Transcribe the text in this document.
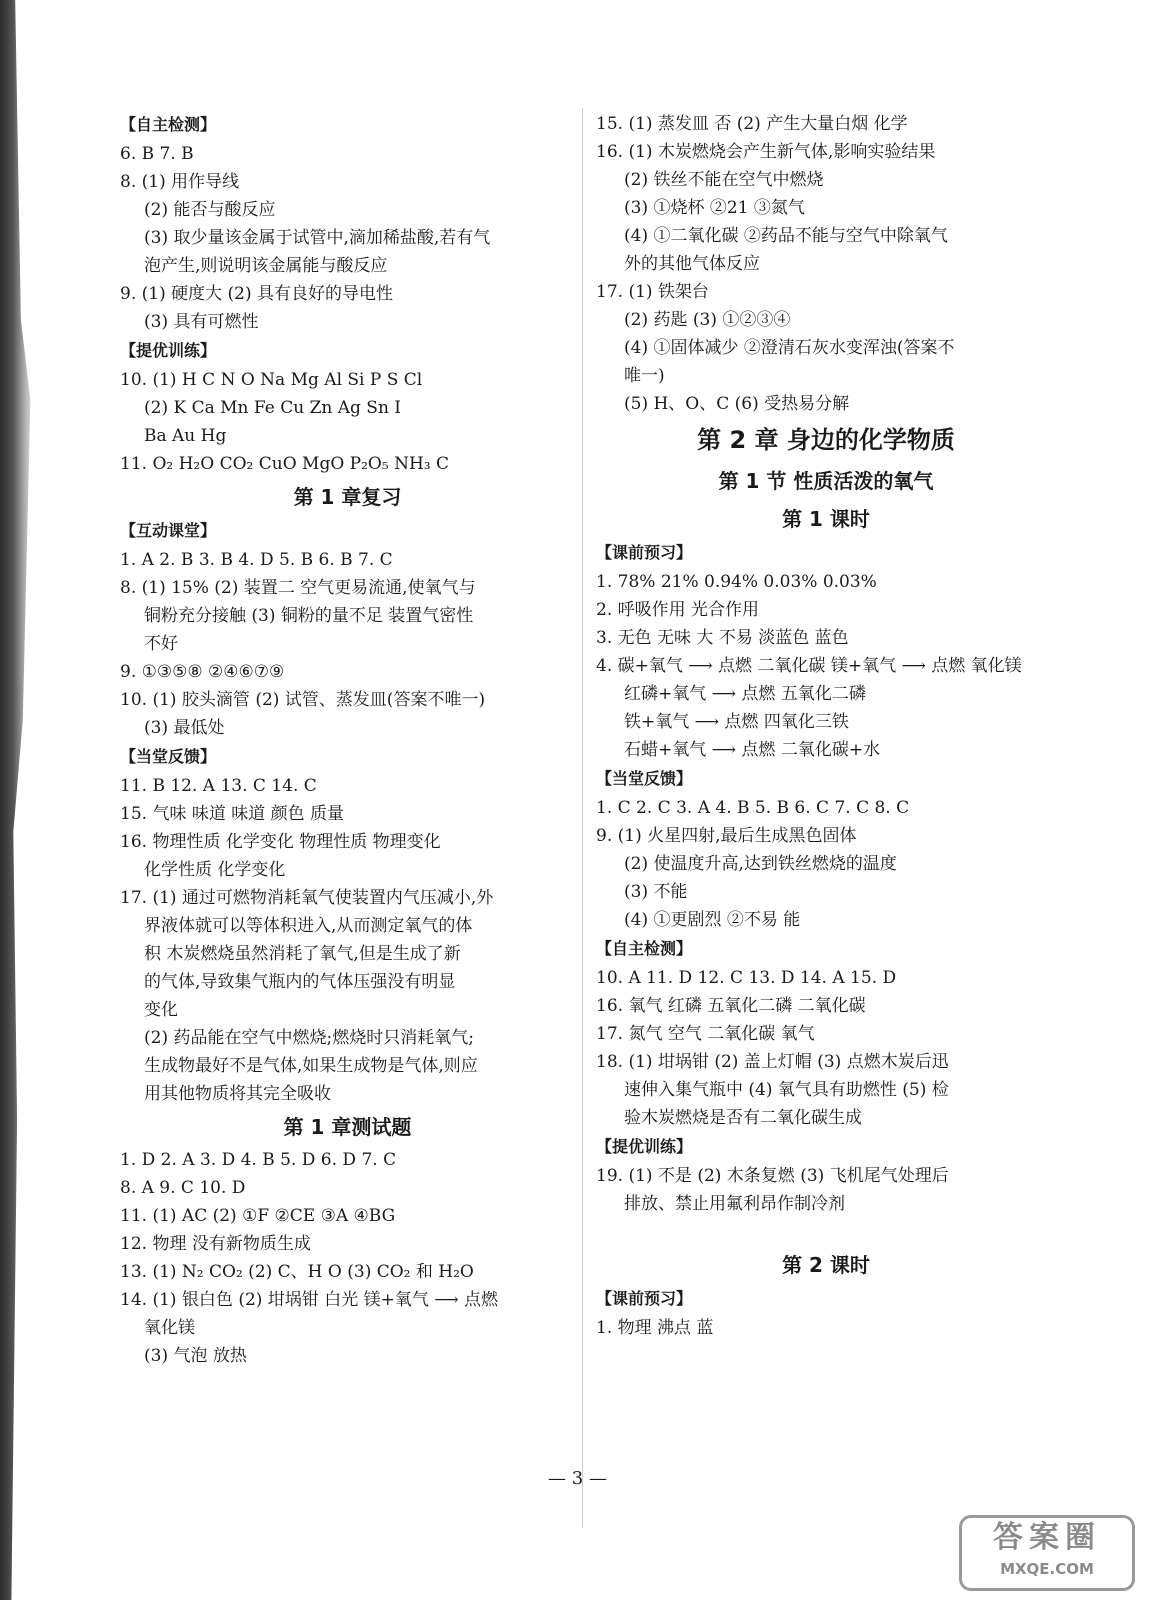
【自主检测】
6. B 7. B
8. (1) 用作导线
(2) 能否与酸反应
(3) 取少量该金属于试管中,滴加稀盐酸,若有气
泡产生,则说明该金属能与酸反应
9. (1) 硬度大 (2) 具有良好的导电性
(3) 具有可燃性
【提优训练】
10. (1) H C N O Na Mg Al Si P S Cl
(2) K Ca Mn Fe Cu Zn Ag Sn I
Ba Au Hg
11. O₂ H₂O CO₂ CuO MgO P₂O₅ NH₃ C
第 1 章复习
【互动课堂】
1. A 2. B 3. B 4. D 5. B 6. B 7. C
8. (1) 15% (2) 装置二 空气更易流通,使氧气与
铜粉充分接触 (3) 铜粉的量不足 装置气密性
不好
9. ①③⑤⑧ ②④⑥⑦⑨
10. (1) 胶头滴管 (2) 试管、蒸发皿(答案不唯一)
(3) 最低处
【当堂反馈】
11. B 12. A 13. C 14. C
15. 气味 味道 味道 颜色 质量
16. 物理性质 化学变化 物理性质 物理变化
化学性质 化学变化
17. (1) 通过可燃物消耗氧气使装置内气压减小,外
界液体就可以等体积进入,从而测定氧气的体
积 木炭燃烧虽然消耗了氧气,但是生成了新
的气体,导致集气瓶内的气体压强没有明显
变化
(2) 药品能在空气中燃烧;燃烧时只消耗氧气;
生成物最好不是气体,如果生成物是气体,则应
用其他物质将其完全吸收
第 1 章测试题
1. D 2. A 3. D 4. B 5. D 6. D 7. C
8. A 9. C 10. D
11. (1) AC (2) ①F ②CE ③A ④BG
12. 物理 没有新物质生成
13. (1) N₂ CO₂ (2) C、H O (3) CO₂ 和 H₂O
14. (1) 银白色 (2) 坩埚钳 白光 镁+氧气 ⟶ 点燃
氧化镁
(3) 气泡 放热
15. (1) 蒸发皿 否 (2) 产生大量白烟 化学
16. (1) 木炭燃烧会产生新气体,影响实验结果
(2) 铁丝不能在空气中燃烧
(3) ①烧杯 ②21 ③氮气
(4) ①二氧化碳 ②药品不能与空气中除氧气
外的其他气体反应
17. (1) 铁架台
(2) 药匙 (3) ①②③④
(4) ①固体减少 ②澄清石灰水变浑浊(答案不
唯一)
(5) H、O、C (6) 受热易分解
第 2 章 身边的化学物质
第 1 节 性质活泼的氧气
第 1 课时
【课前预习】
1. 78% 21% 0.94% 0.03% 0.03%
2. 呼吸作用 光合作用
3. 无色 无味 大 不易 淡蓝色 蓝色
4. 碳+氧气 ⟶ 点燃 二氧化碳 镁+氧气 ⟶ 点燃 氧化镁
红磷+氧气 ⟶ 点燃 五氧化二磷
铁+氧气 ⟶ 点燃 四氧化三铁
石蜡+氧气 ⟶ 点燃 二氧化碳+水
【当堂反馈】
1. C 2. C 3. A 4. B 5. B 6. C 7. C 8. C
9. (1) 火星四射,最后生成黑色固体
(2) 使温度升高,达到铁丝燃烧的温度
(3) 不能
(4) ①更剧烈 ②不易 能
【自主检测】
10. A 11. D 12. C 13. D 14. A 15. D
16. 氧气 红磷 五氧化二磷 二氧化碳
17. 氮气 空气 二氧化碳 氧气
18. (1) 坩埚钳 (2) 盖上灯帽 (3) 点燃木炭后迅
速伸入集气瓶中 (4) 氧气具有助燃性 (5) 检
验木炭燃烧是否有二氧化碳生成
【提优训练】
19. (1) 不是 (2) 木条复燃 (3) 飞机尾气处理后
排放、禁止用氟利昂作制冷剂
第 2 课时
【课前预习】
1. 物理 沸点 蓝
— 3 —
答案圈
MXQE.COM
